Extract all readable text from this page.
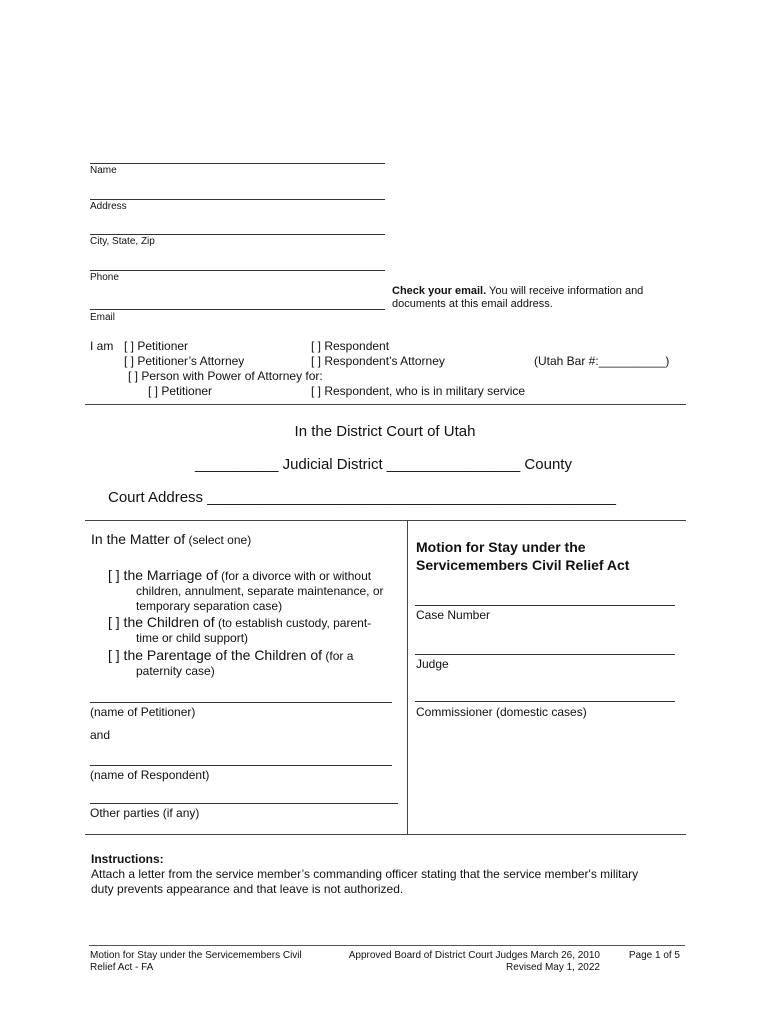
Name
Address
City, State, Zip
Phone
Check your email. You will receive information and
documents at this email address.
Email
I am [ ] Petitioner	[ ] Respondent
[ ] Petitioner’s Attorney	[ ] Respondent’s Attorney	(Utah Bar #:__________)
[ ] Person with Power of Attorney for:
[ ] Petitioner	[ ] Respondent, who is in military service
In the District Court of Utah
__________ Judicial District ________________ County
Court Address _________________________________________________
In the Matter of (select one)
[ ] the Marriage of (for a divorce with or without
children, annulment, separate maintenance, or
temporary separation case)
[ ] the Children of (to establish custody, parent-
time or child support)
[ ] the Parentage of the Children of (for a
paternity case)
(name of Petitioner)
and
(name of Respondent)
Other parties (if any)
Motion for Stay under the
Servicemembers Civil Relief Act
Case Number
Judge
Commissioner (domestic cases)
Instructions:
Attach a letter from the service member’s commanding officer stating that the service member's military
duty prevents appearance and that leave is not authorized.
Motion for Stay under the Servicemembers Civil
Relief Act - FA
Approved Board of District Court Judges March 26, 2010
Revised May 1, 2022
Page 1 of 5
